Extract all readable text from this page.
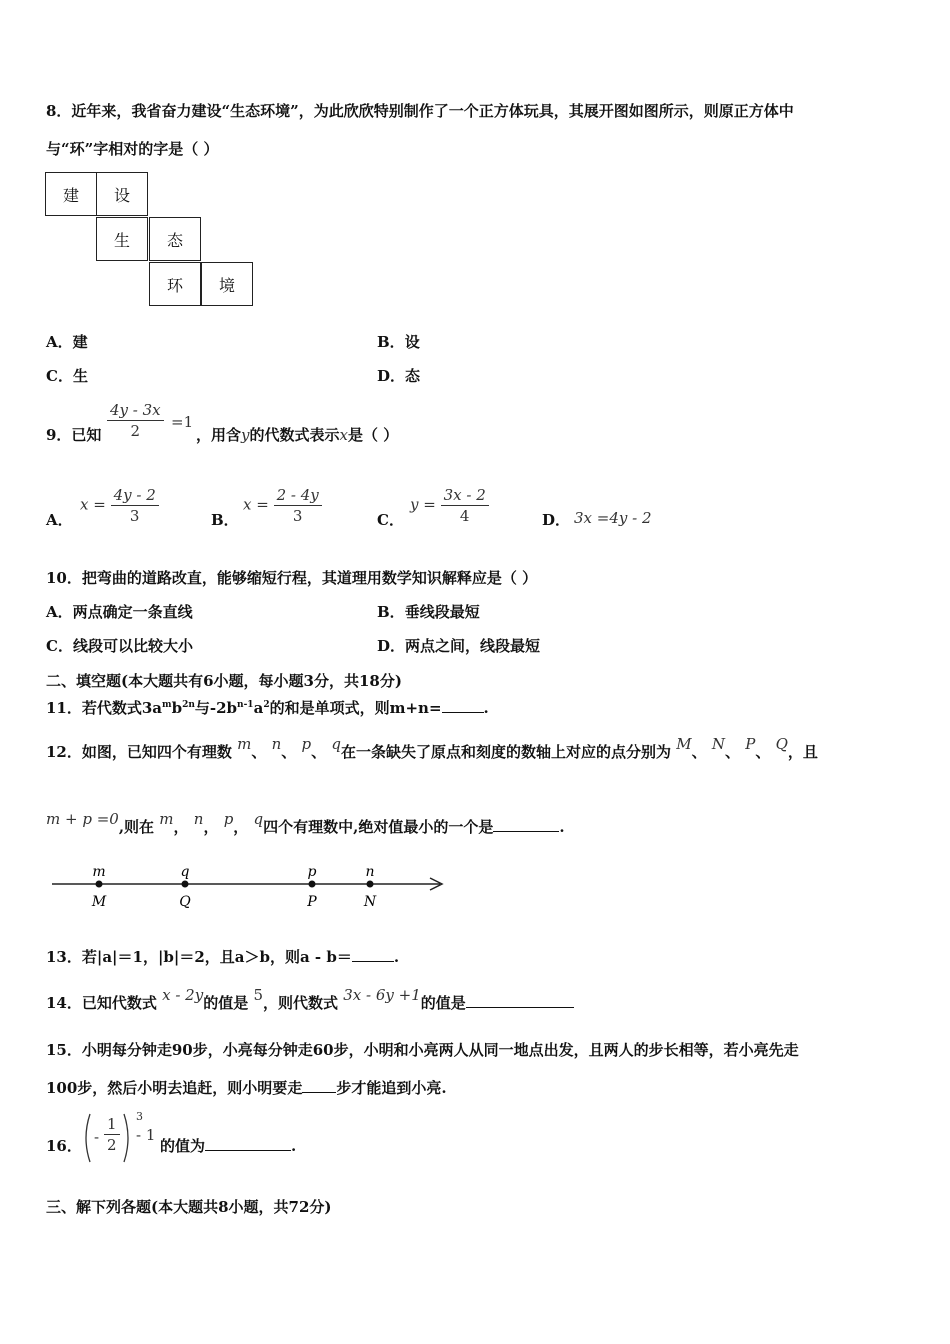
8．近年来，我省奋力建设“生态环境”，为此欣欣特别制作了一个正方体玩具，其展开图如图所示，则原正方体中
与“环”字相对的字是（ ）
建	设
生	态
环	境
A．建	B．设
C．生	D．态
9．已知 $\frac{4y - 3x}{2} =1$
，用含y的代数式表示x是（ ）
A．
$x = \frac{4y - 2}{3}$	B．
$x = \frac{2 - 4y}{3}$	C．
$y = \frac{3x - 2}{4}$	D． 3x =4y - 2
10．把弯曲的道路改直，能够缩短行程，其道理用数学知识解释应是（ ）
A．两点确定一条直线	B．垂线段最短
C．线段可以比较大小	D．两点之间，线段最短
二、填空题(本大题共有6小题，每小题3分，共18分)
11．若代数式$3a^mb^{2n}$与$-2b^{n-1}a^2$的和是单项式，则m+n=	.
12．如图，已知四个有理数 m、 n、 p、 q在一条缺失了原点和刻度的数轴上对应的点分别为 M、 N、 P、 Q，且
m + p =0,则在 m， n， p， q四个有理数中,绝对值最小的一个是	.
m	q	p	n
M	Q	P	N
13．若|a|＝1，|b|＝2，且a＞b，则a - b＝	.
14．已知代数式 x - 2y的值是 5，则代数式 3x - 6y +1的值是
15．小明每分钟走90步，小亮每分钟走60步，小明和小亮两人从同一地点出发，且两人的步长相等，若小亮先走
100步，然后小明去追赶，则小明要走 步才能追到小亮.
16． - $\frac{1}{2} 3$
- 1
的值为	.
三、解下列各题(本大题共8小题，共72分)
